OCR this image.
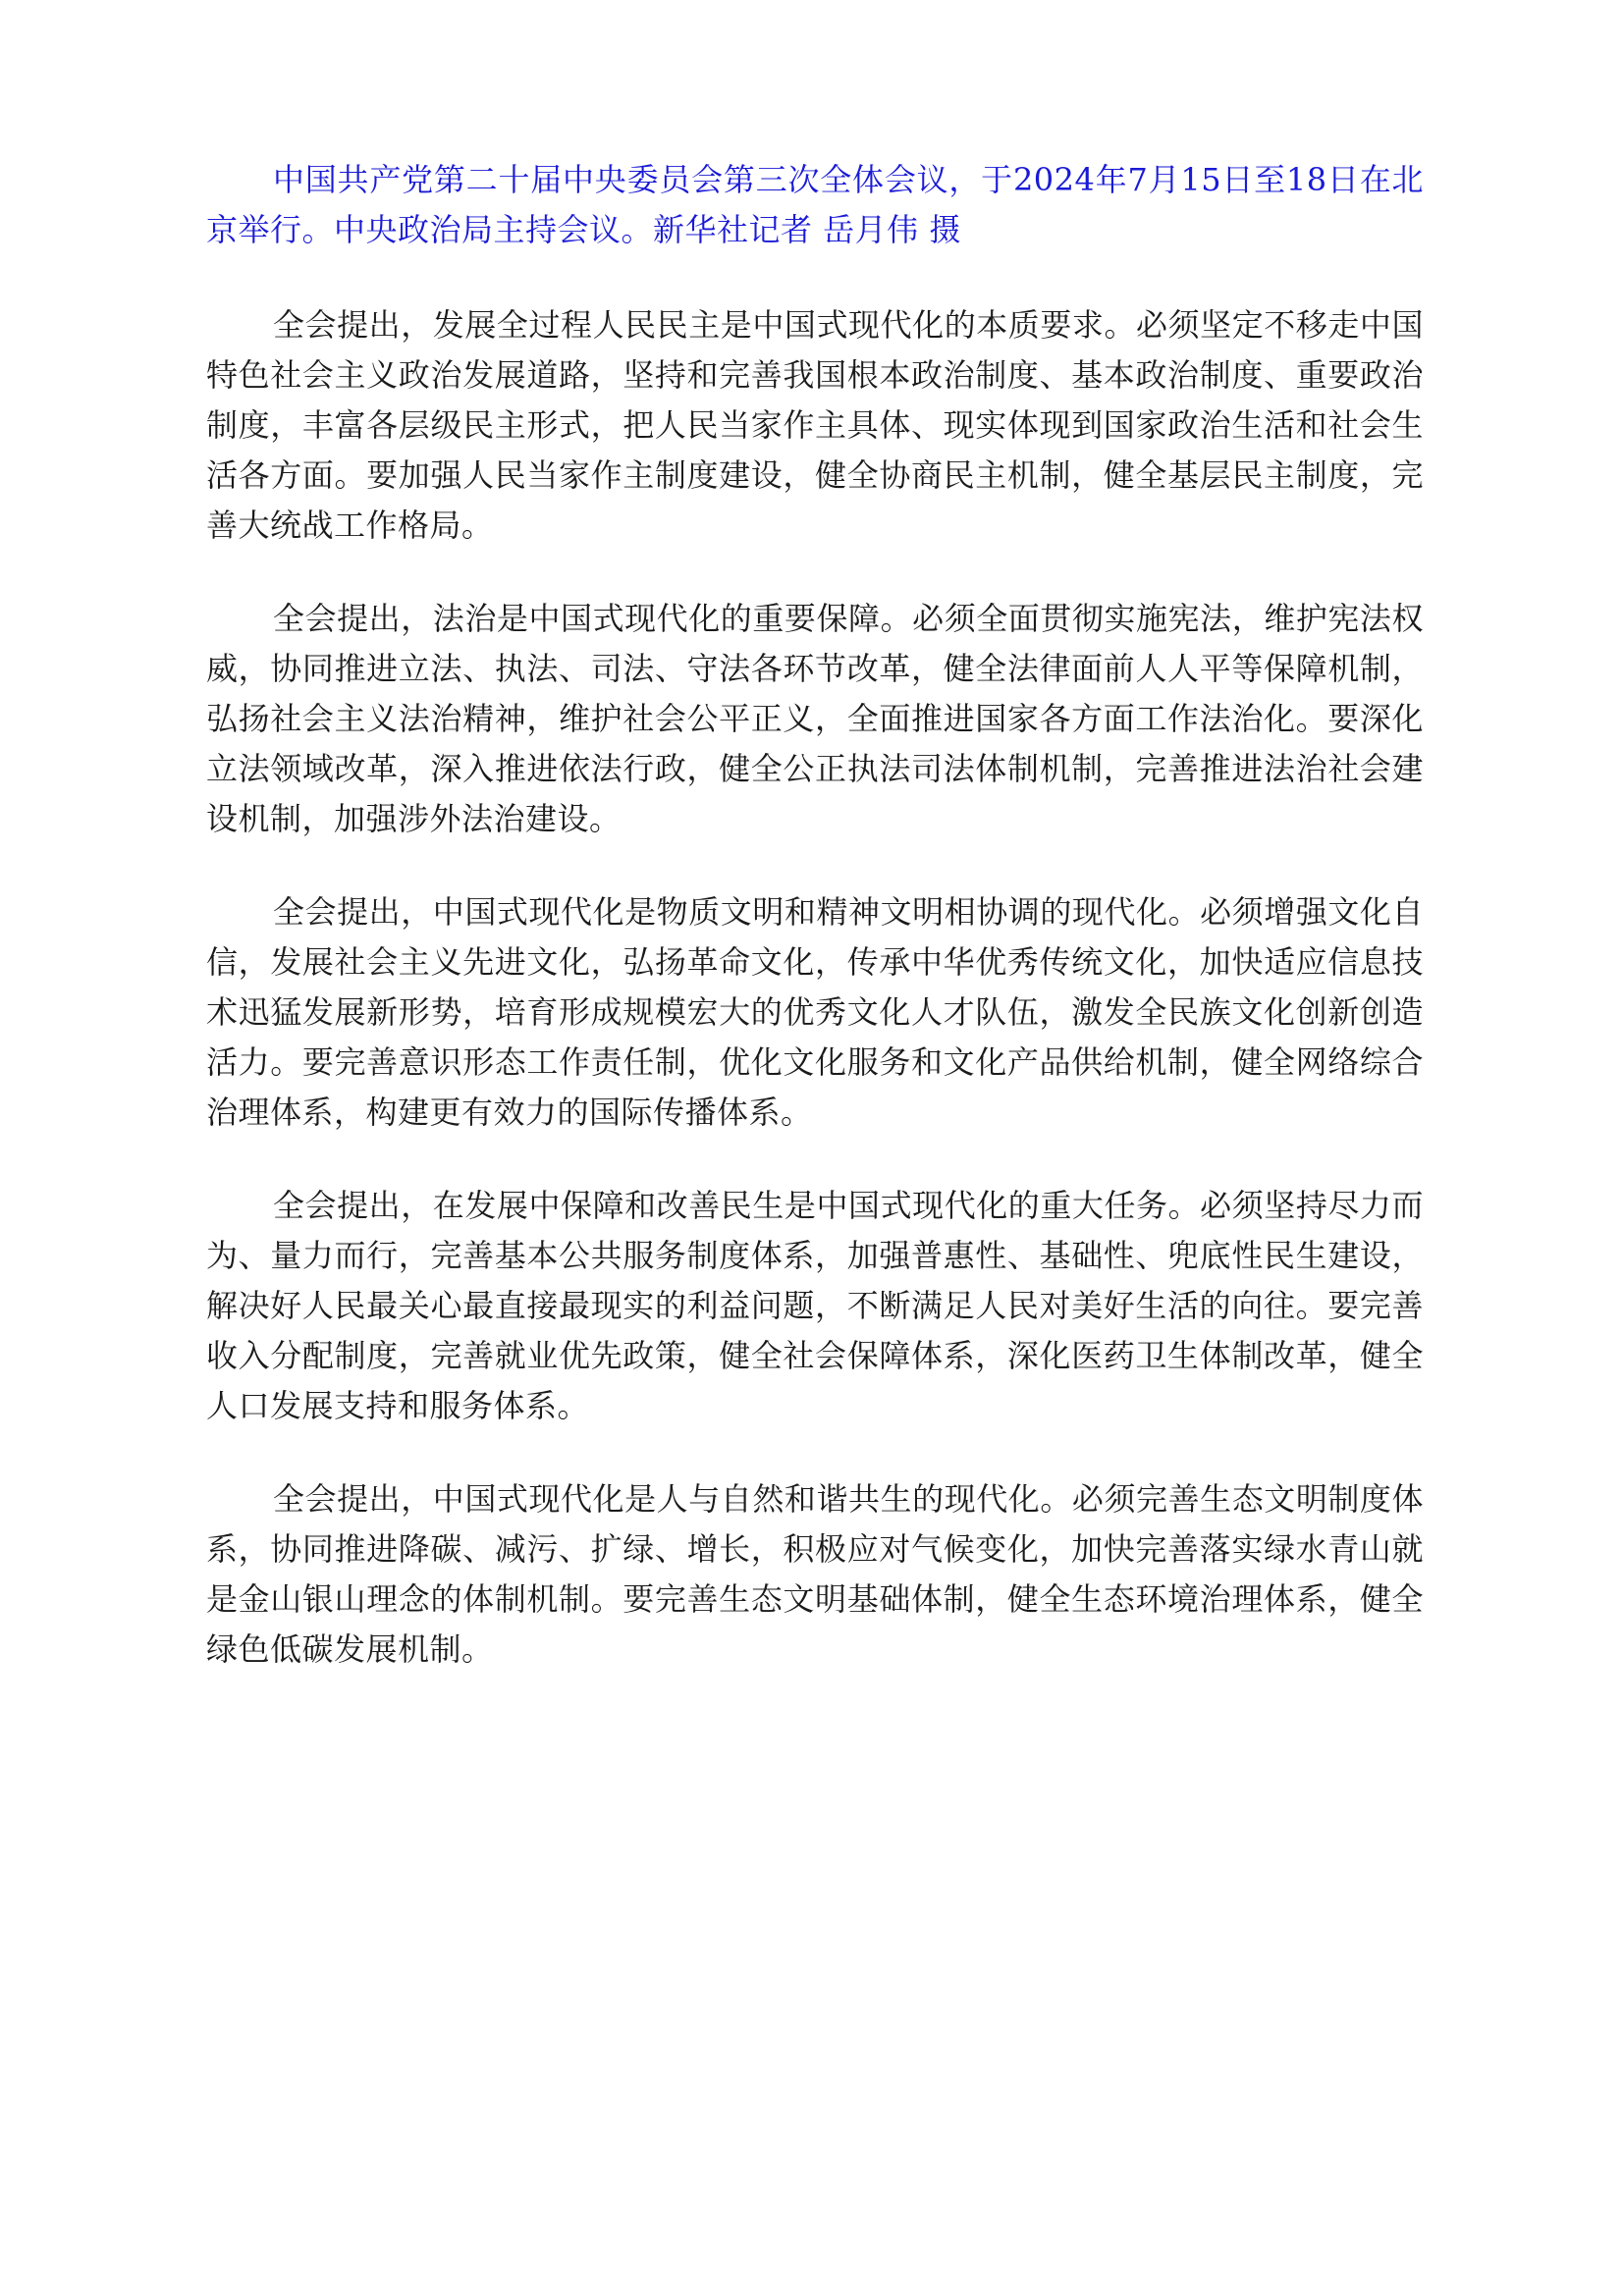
中国共产党第二十届中央委员会第三次全体会议，于2024年7月15日至18日在北京举行。中央政治局主持会议。新华社记者 岳月伟 摄

全会提出，发展全过程人民民主是中国式现代化的本质要求。必须坚定不移走中国特色社会主义政治发展道路，坚持和完善我国根本政治制度、基本政治制度、重要政治制度，丰富各层级民主形式，把人民当家作主具体、现实体现到国家政治生活和社会生活各方面。要加强人民当家作主制度建设，健全协商民主机制，健全基层民主制度，完善大统战工作格局。

全会提出，法治是中国式现代化的重要保障。必须全面贯彻实施宪法，维护宪法权威，协同推进立法、执法、司法、守法各环节改革，健全法律面前人人平等保障机制，弘扬社会主义法治精神，维护社会公平正义，全面推进国家各方面工作法治化。要深化立法领域改革，深入推进依法行政，健全公正执法司法体制机制，完善推进法治社会建设机制，加强涉外法治建设。

全会提出，中国式现代化是物质文明和精神文明相协调的现代化。必须增强文化自信，发展社会主义先进文化，弘扬革命文化，传承中华优秀传统文化，加快适应信息技术迅猛发展新形势，培育形成规模宏大的优秀文化人才队伍，激发全民族文化创新创造活力。要完善意识形态工作责任制，优化文化服务和文化产品供给机制，健全网络综合治理体系，构建更有效力的国际传播体系。

全会提出，在发展中保障和改善民生是中国式现代化的重大任务。必须坚持尽力而为、量力而行，完善基本公共服务制度体系，加强普惠性、基础性、兜底性民生建设，解决好人民最关心最直接最现实的利益问题，不断满足人民对美好生活的向往。要完善收入分配制度，完善就业优先政策，健全社会保障体系，深化医药卫生体制改革，健全人口发展支持和服务体系。

全会提出，中国式现代化是人与自然和谐共生的现代化。必须完善生态文明制度体系，协同推进降碳、减污、扩绿、增长，积极应对气候变化，加快完善落实绿水青山就是金山银山理念的体制机制。要完善生态文明基础体制，健全生态环境治理体系，健全绿色低碳发展机制。
